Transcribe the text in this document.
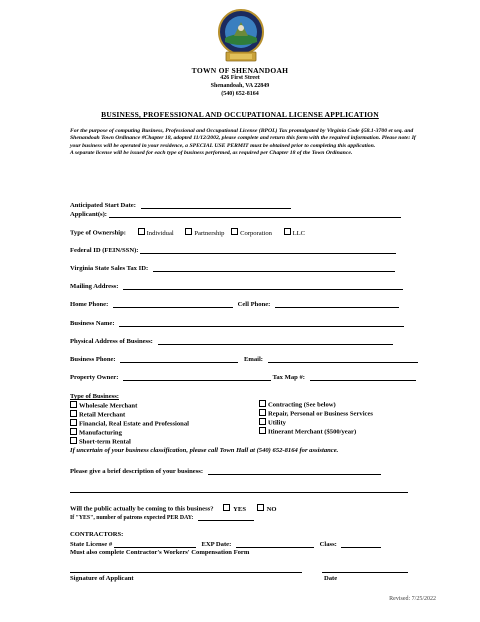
TOWN OF SHENANDOAH
426 First Street
Shenandoah, VA 22849
(540) 652-8164
BUSINESS, PROFESSIONAL AND OCCUPATIONAL LICENSE APPLICATION

For the purpose of computing Business, Professional and Occupational License (BPOL) Tax promulgated by Virginia Code §58.1-3700 et seq. and Shenandoah Town Ordinance #Chapter 18, adopted 11/12/2002, please complete and return this form with the required information. Please note: If your business will be operated in your residence, a SPECIAL USE PERMIT must be obtained prior to completing this application.

A separate license will be issued for each type of business performed, as required per Chapter 18 of the Town Ordinance.

Anticipated Start Date:
Applicant(s):
Type of Ownership:	Individual	Partnership Corporation	LLC
Federal ID (FEIN/SSN):
Virginia State Sales Tax ID:
Mailing Address:
Home Phone:	Cell Phone:
Business Name:
Physical Address of Business:
Business Phone:	Email:
Property Owner:	Tax Map #:
Type of Business:
Wholesale Merchant
Retail Merchant
Financial, Real Estate and Professional
Manufacturing
Short-term Rental
Contracting (See below)
Repair, Personal or Business Services
Utility
Itinerant Merchant ($500/year)
If uncertain of your business classification, please call Town Hall at (540) 652-8164 for assistance.
Please give a brief description of your business:
Will the public actually be coming to this business?	YES	NO
If "YES", number of patrons expected PER DAY:
CONTRACTORS:
State License #	EXP Date:	Class:
Must also complete Contractor's Workers' Compensation Form
Signature of Applicant	Date
Revised: 7/25/2022
